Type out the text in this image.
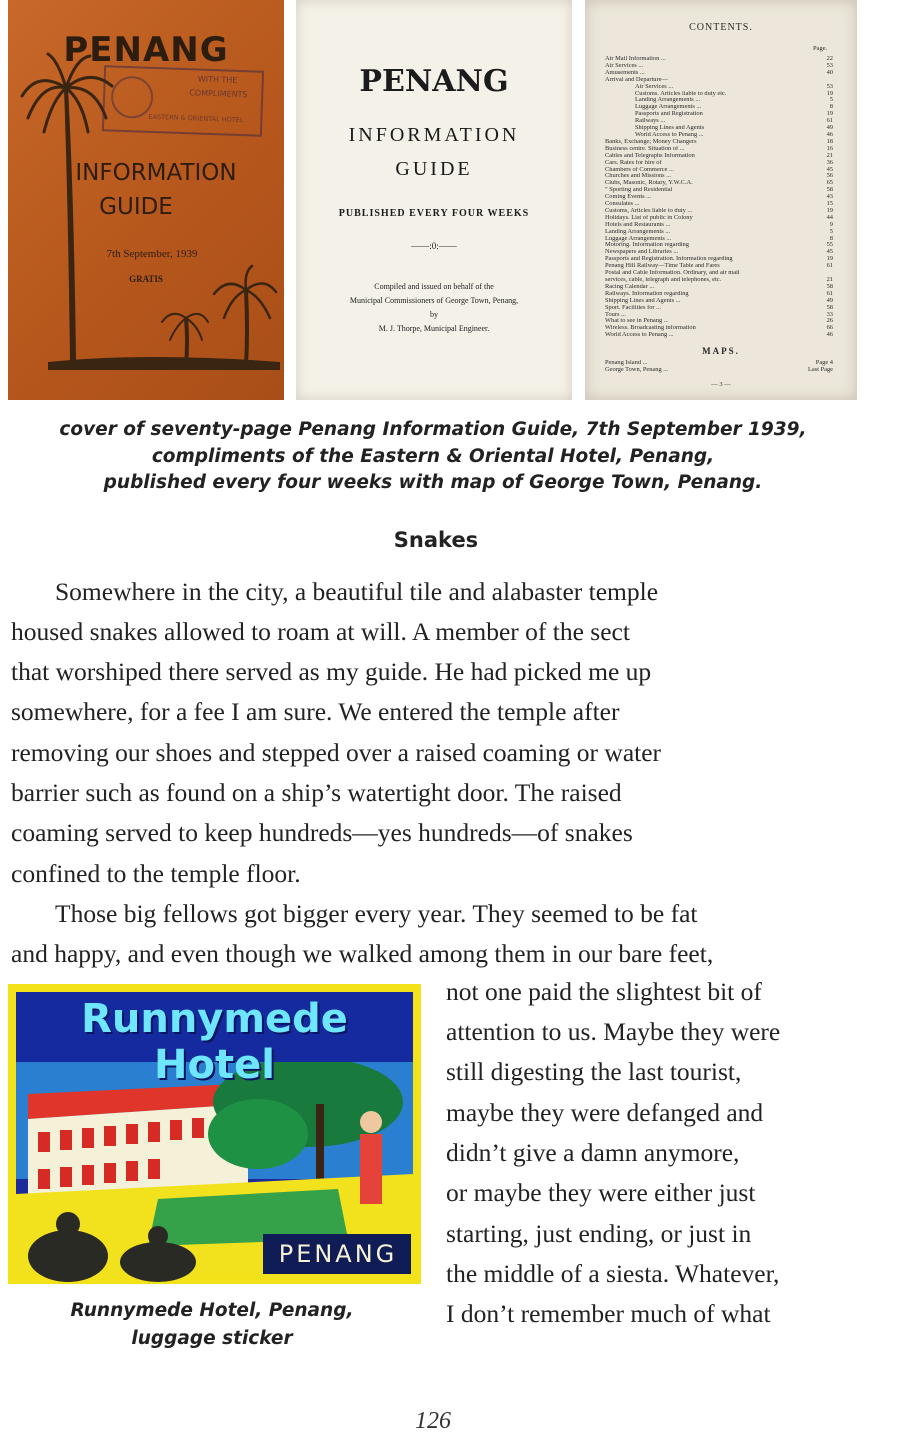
WITH THE
COMPLIMENTS
EASTERN & ORIENTAL HOTEL
PENANG
INFORMATION
GUIDE
7th September, 1939
GRATIS
PENANG
INFORMATION
GUIDE
PUBLISHED EVERY FOUR WEEKS
——:0:——
Compiled and issued on behalf of the
Municipal Commissioners of George Town, Penang,
by
M. J. Thorpe, Municipal Engineer.
CONTENTS.
Page.
Air Mail Information ...	22
Air Services ...	53
Amusements ...	40
Arrival and Departure—
Air Services ...	53
Customs. Articles liable to duty etc.	19
Landing Arrangements ...	5
Luggage Arrangements ...	8
Passports and Registration	19
Railways ...	61
Shipping Lines and Agents	49
World Access to Penang ...	46
Banks, Exchange; Money Changers	18
Business centre. Situation of ...	16
Cables and Telegraphs Information	21
Cars. Rates for hire of	36
Chambers of Commerce ...	45
Churches and Missions ...	56
Clubs, Masonic, Rotary, Y.W.C.A.	65
" Sporting and Residential	58
Coming Events ...	43
Consulates ...	15
Customs, Articles liable to duty ...	19
Holidays. List of public in Colony	44
Hotels and Restaurants ...	9
Landing Arrangements ...	5
Luggage Arrangements ...	8
Motoring. Information regarding	55
Newspapers and Libraries ...	45
Passports and Registration. Information regarding	19
Penang Hill Railway—Time Table and Fares	61
Postal and Cable Information. Ordinary, and air mail
services, cable, telegraph and telephones, etc.	21
Racing Calendar ...	58
Railways. Information regarding	61
Shipping Lines and Agents ...	49
Sport. Facilities for ...	58
Tours ...	33
What to see in Penang ...	26
Wireless. Broadcasting information	66
World Access to Penang ...	46
MAPS.
Penang Island ...	Page 4
George Town, Penang ...	Last Page
— 3 —
cover of seventy-page Penang Information Guide, 7th September 1939,
compliments of the Eastern & Oriental Hotel, Penang,
published every four weeks with map of George Town, Penang.
Snakes
Somewhere in the city, a beautiful tile and alabaster temple
housed snakes allowed to roam at will. A member of the sect
that worshiped there served as my guide. He had picked me up
somewhere, for a fee I am sure. We entered the temple after
removing our shoes and stepped over a raised coaming or water
barrier such as found on a ship’s watertight door. The raised
coaming served to keep hundreds—yes hundreds—of snakes
confined to the temple floor.
Those big fellows got bigger every year. They seemed to be fat
and happy, and even though we walked among them in our bare feet,
not one paid the slightest bit of
attention to us. Maybe they were
still digesting the last tourist,
maybe they were defanged and
didn’t give a damn anymore,
or maybe they were either just
starting, just ending, or just in
the middle of a siesta. Whatever,
I don’t remember much of what
Runnymede Hotel
PENANG
Runnymede Hotel, Penang,
luggage sticker
126
